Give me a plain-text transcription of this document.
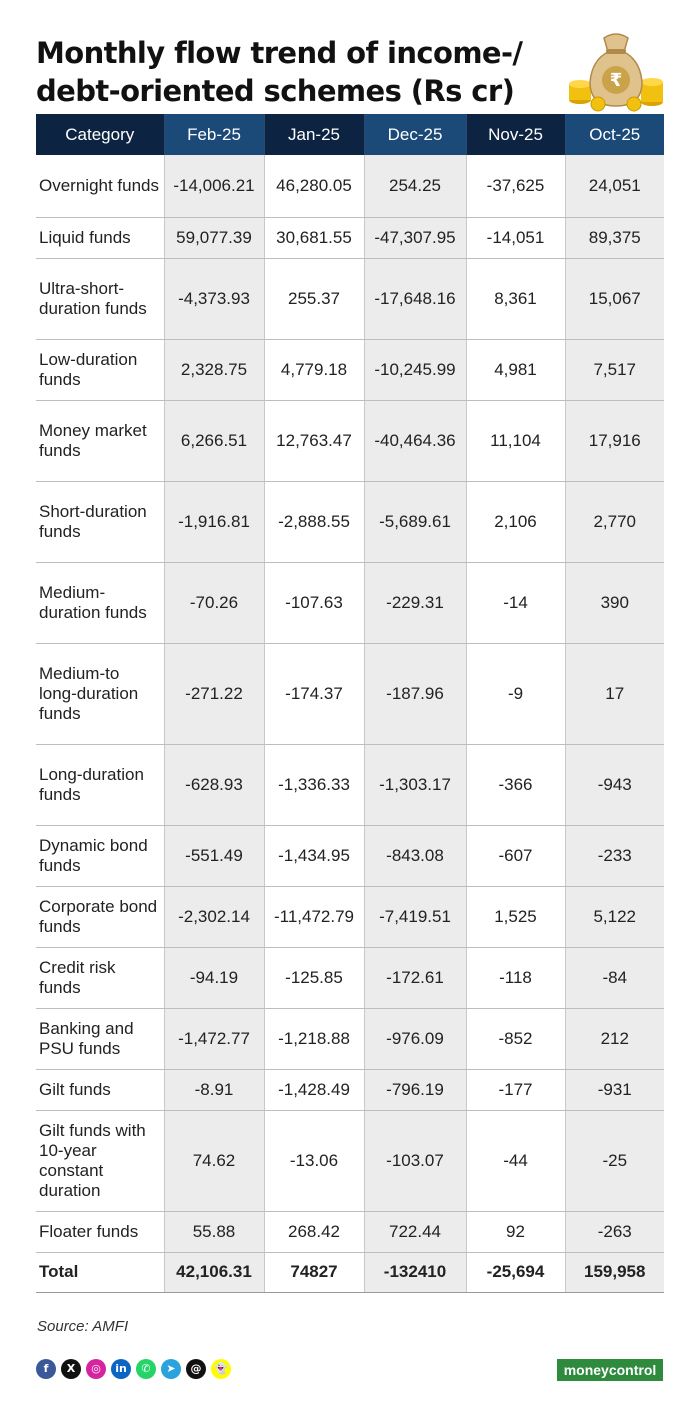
Monthly flow trend of income-/ debt-oriented schemes (Rs cr)	₹
Category	Feb-25	Jan-25	Dec-25	Nov-25	Oct-25
Overnight funds	-14,006.21	46,280.05	254.25	-37,625	24,051
Liquid funds	59,077.39	30,681.55	-47,307.95	-14,051	89,375
Ultra-short-duration funds	-4,373.93	255.37	-17,648.16	8,361	15,067
Low-duration funds	2,328.75	4,779.18	-10,245.99	4,981	7,517
Money market funds	6,266.51	12,763.47	-40,464.36	11,104	17,916
Short-duration funds	-1,916.81	-2,888.55	-5,689.61	2,106	2,770
Medium-duration funds	-70.26	-107.63	-229.31	-14	390
Medium-to long-duration funds	-271.22	-174.37	-187.96	-9	17
Long-duration funds	-628.93	-1,336.33	-1,303.17	-366	-943
Dynamic bond funds	-551.49	-1,434.95	-843.08	-607	-233
Corporate bond funds	-2,302.14	-11,472.79	-7,419.51	1,525	5,122
Credit risk funds	-94.19	-125.85	-172.61	-118	-84
Banking and PSU funds	-1,472.77	-1,218.88	-976.09	-852	212
Gilt funds	-8.91	-1,428.49	-796.19	-177	-931
Gilt funds with 10-year constant duration	74.62	-13.06	-103.07	-44	-25
Floater funds	55.88	268.42	722.44	92	-263
Total	42,106.31	74827	-132410	-25,694	159,958
Source: AMFI
f	X	◎	in	✆	➤	@	👻	moneycontrol
